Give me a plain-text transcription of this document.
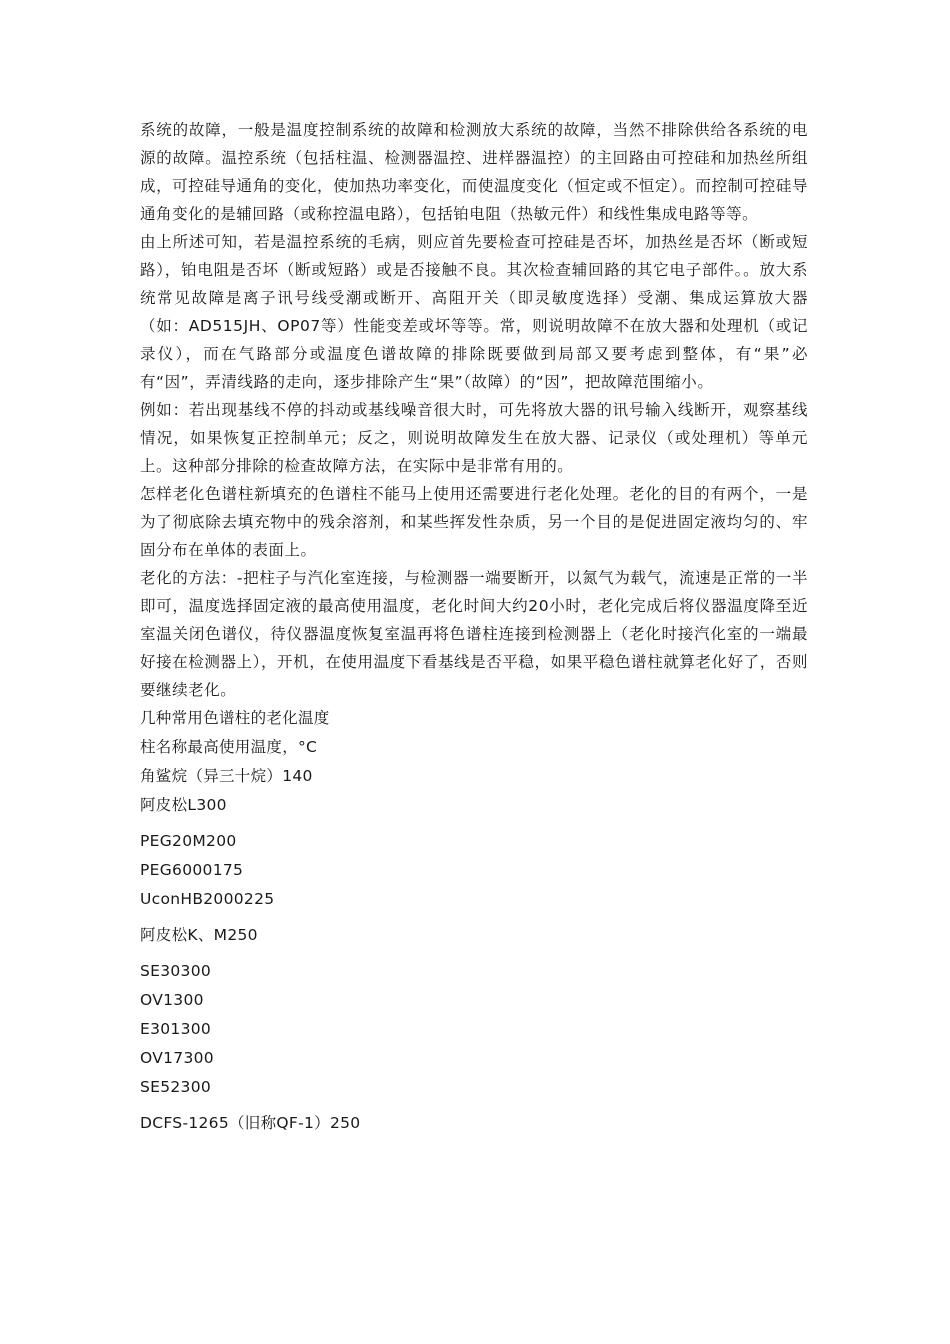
系统的故障，一般是温度控制系统的故障和检测放大系统的故障，当然不排除供给各系统的电源的故障。温控系统（包括柱温、检测器温控、进样器温控）的主回路由可控硅和加热丝所组成，可控硅导通角的变化，使加热功率变化，而使温度变化（恒定或不恒定）。而控制可控硅导通角变化的是辅回路（或称控温电路），包括铂电阻（热敏元件）和线性集成电路等等。

由上所述可知，若是温控系统的毛病，则应首先要检查可控硅是否坏，加热丝是否坏（断或短路），铂电阻是否坏（断或短路）或是否接触不良。其次检查辅回路的其它电子部件。。放大系统常见故障是离子讯号线受潮或断开、高阻开关（即灵敏度选择）受潮、集成运算放大器（如：AD515JH、OP07等）性能变差或坏等等。常，则说明故障不在放大器和处理机（或记录仪），而在气路部分或温度色谱故障的排除既要做到局部又要考虑到整体，有“果”必有“因”，弄清线路的走向，逐步排除产生“果”（故障）的“因”，把故障范围缩小。

例如：若出现基线不停的抖动或基线噪音很大时，可先将放大器的讯号输入线断开，观察基线情况，如果恢复正控制单元；反之，则说明故障发生在放大器、记录仪（或处理机）等单元上。这种部分排除的检查故障方法，在实际中是非常有用的。

怎样老化色谱柱新填充的色谱柱不能马上使用还需要进行老化处理。老化的目的有两个，一是为了彻底除去填充物中的残余溶剂，和某些挥发性杂质，另一个目的是促进固定液均匀的、牢固分布在单体的表面上。

老化的方法：-把柱子与汽化室连接，与检测器一端要断开，以氮气为载气，流速是正常的一半即可，温度选择固定液的最高使用温度，老化时间大约20小时，老化完成后将仪器温度降至近室温关闭色谱仪，待仪器温度恢复室温再将色谱柱连接到检测器上（老化时接汽化室的一端最好接在检测器上），开机，在使用温度下看基线是否平稳，如果平稳色谱柱就算老化好了，否则要继续老化。

几种常用色谱柱的老化温度
柱名称最高使用温度，°C
角鲨烷（异三十烷）140
阿皮松L300
PEG20M200
PEG6000175
UconHB2000225
阿皮松K、M250
SE30300
OV1300
E301300
OV17300
SE52300
DCFS-1265（旧称QF-1）250
